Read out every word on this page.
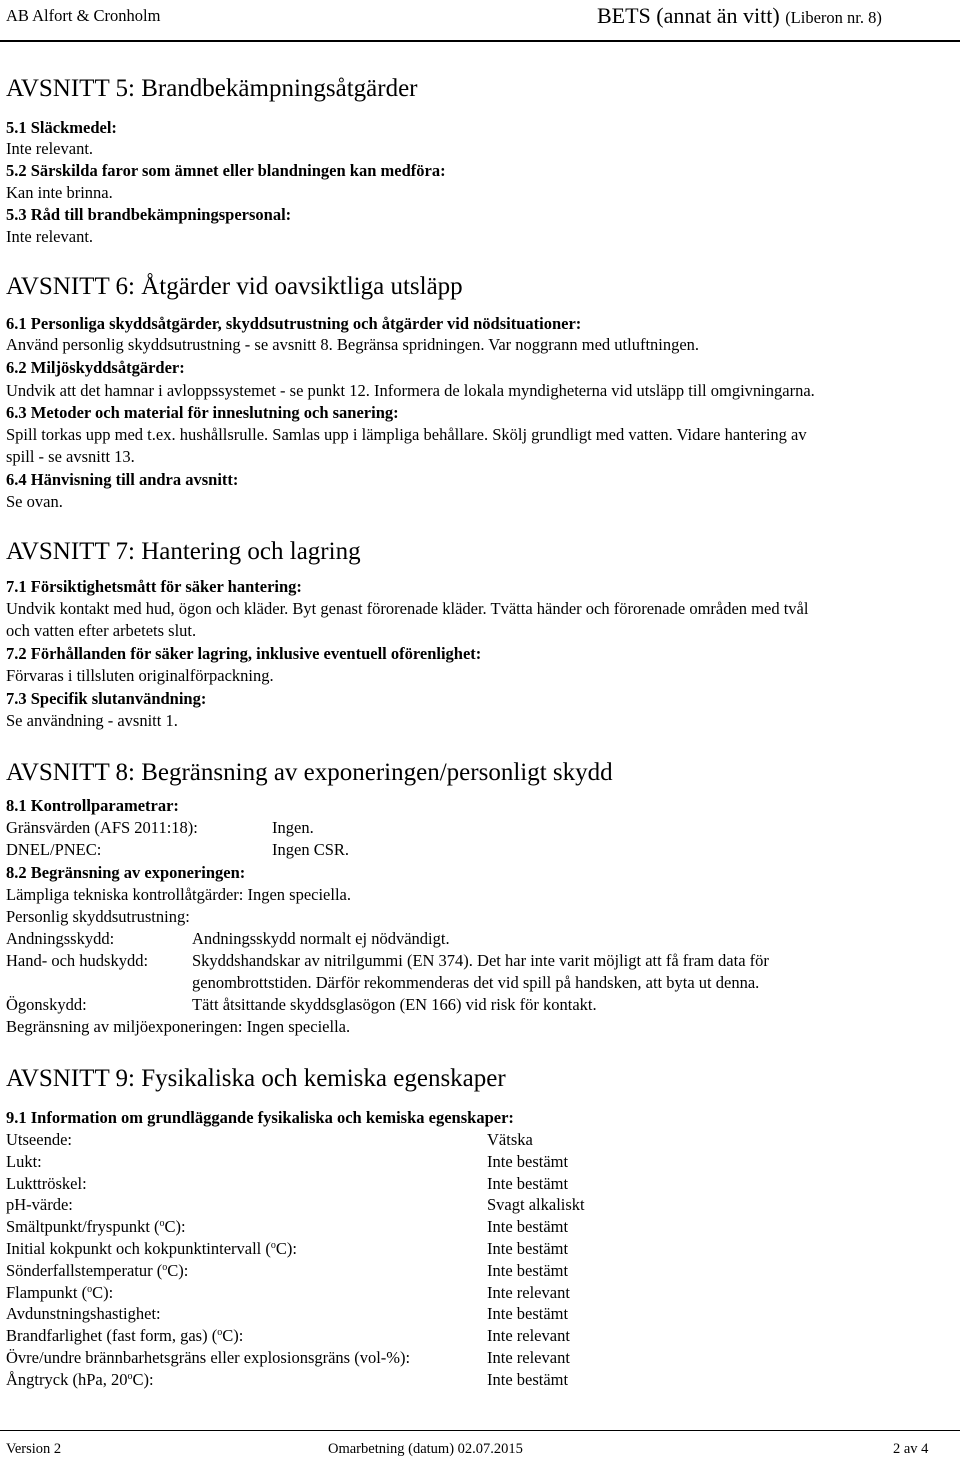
AB Alfort & Cronholm	BETS (annat än vitt) (Liberon nr. 8)
AVSNITT 5: Brandbekämpningsåtgärder
5.1 Släckmedel:
Inte relevant.
5.2 Särskilda faror som ämnet eller blandningen kan medföra:
Kan inte brinna.
5.3 Råd till brandbekämpningspersonal:
Inte relevant.
AVSNITT 6: Åtgärder vid oavsiktliga utsläpp
6.1 Personliga skyddsåtgärder, skyddsutrustning och åtgärder vid nödsituationer:
Använd personlig skyddsutrustning - se avsnitt 8. Begränsa spridningen. Var noggrann med utluftningen.
6.2 Miljöskyddsåtgärder:
Undvik att det hamnar i avloppssystemet - se punkt 12. Informera de lokala myndigheterna vid utsläpp till omgivningarna.
6.3 Metoder och material för inneslutning och sanering:
Spill torkas upp med t.ex. hushållsrulle. Samlas upp i lämpliga behållare. Skölj grundligt med vatten. Vidare hantering av
spill - se avsnitt 13.
6.4 Hänvisning till andra avsnitt:
Se ovan.
AVSNITT 7: Hantering och lagring
7.1 Försiktighetsmått för säker hantering:
Undvik kontakt med hud, ögon och kläder. Byt genast förorenade kläder. Tvätta händer och förorenade områden med tvål
och vatten efter arbetets slut.
7.2 Förhållanden för säker lagring, inklusive eventuell oförenlighet:
Förvaras i tillsluten originalförpackning.
7.3 Specifik slutanvändning:
Se användning - avsnitt 1.
AVSNITT 8: Begränsning av exponeringen/personligt skydd
8.1 Kontrollparametrar:
Gränsvärden (AFS 2011:18):	Ingen.
DNEL/PNEC:	Ingen CSR.
8.2 Begränsning av exponeringen:
Lämpliga tekniska kontrollåtgärder: Ingen speciella.
Personlig skyddsutrustning:
Andningsskydd:	Andningsskydd normalt ej nödvändigt.
Hand- och hudskydd:	Skyddshandskar av nitrilgummi (EN 374). Det har inte varit möjligt att få fram data för
genombrottstiden. Därför rekommenderas det vid spill på handsken, att byta ut denna.
Ögonskydd:	Tätt åtsittande skyddsglasögon (EN 166) vid risk för kontakt.
Begränsning av miljöexponeringen: Ingen speciella.
AVSNITT 9: Fysikaliska och kemiska egenskaper
9.1 Information om grundläggande fysikaliska och kemiska egenskaper:
Utseende:	Vätska
Lukt:	Inte bestämt
Lukttröskel:	Inte bestämt
pH-värde:	Svagt alkaliskt
Smältpunkt/fryspunkt ($^o$C):	Inte bestämt
Initial kokpunkt och kokpunktintervall ($^o$C):	Inte bestämt
Sönderfallstemperatur ($^o$C):	Inte bestämt
Flampunkt ($^o$C):	Inte relevant
Avdunstningshastighet:	Inte bestämt
Brandfarlighet (fast form, gas) ($^o$C):	Inte relevant
Övre/undre brännbarhetsgräns eller explosionsgräns (vol-%):	Inte relevant
Ångtryck (hPa, 20$^o$C):	Inte bestämt
Version 2	Omarbetning (datum) 02.07.2015	2 av 4
